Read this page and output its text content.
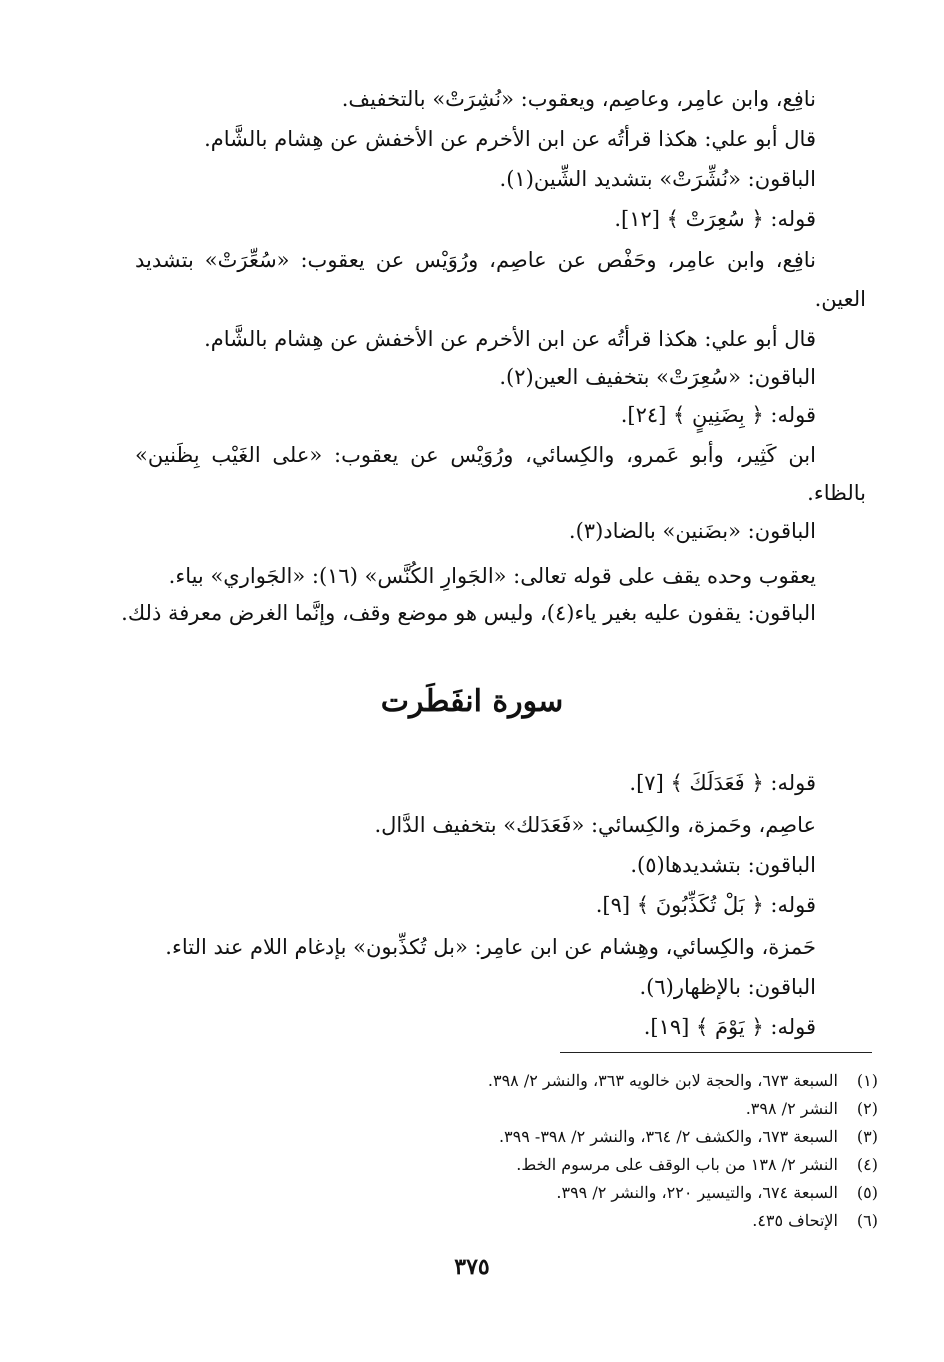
نافِع، وابن عامِر، وعاصِم، ويعقوب: «نُشِرَتْ» بالتخفيف.

قال أبو علي: هكذا قرأتُه عن ابن الأخرم عن الأخفش عن هِشام بالشَّام.

الباقون: «نُشِّرَتْ» بتشديد الشِّين(١).

قوله: ﴿ سُعِرَتْ ﴾ [١٢].

نافِع، وابن عامِر، وحَفْص عن عاصِم، ورُوَيْس عن يعقوب: «سُعِّرَتْ» بتشديد

العين.

قال أبو علي: هكذا قرأتُه عن ابن الأخرم عن الأخفش عن هِشام بالشَّام.

الباقون: «سُعِرَتْ» بتخفيف العين(٢).

قوله: ﴿ بِضَنِينٍ ﴾ [٢٤].

ابن كَثِير، وأبو عَمرو، والكِسائي، ورُوَيْس عن يعقوب: «على الغَيْب بِظَنين»

بالظاء.

الباقون: «بضَنين» بالضاد(٣).

يعقوب وحده يقف على قوله تعالى: «الجَوارِ الكُنَّس» (١٦): «الجَواري» بياء.

الباقون: يقفون عليه بغير ياء(٤)، وليس هو موضع وقف، وإنَّما الغرض معرفة ذلك.

سورة انفَطَرت

قوله: ﴿ فَعَدَلَكَ ﴾ [٧].

عاصِم، وحَمزة، والكِسائي: «فَعَدَلك» بتخفيف الدَّال.

الباقون: بتشديدها(٥).

قوله: ﴿ بَلْ تُكَذِّبُونَ ﴾ [٩].

حَمزة، والكِسائي، وهِشام عن ابن عامِر: «بل تُكذِّبون» بإدغام اللام عند التاء.

الباقون: بالإظهار(٦).

قوله: ﴿ يَوْمَ ﴾ [١٩].

(١)السبعة ٦٧٣، والحجة لابن خالويه ٣٦٣، والنشر ٢/ ٣٩٨.
(٢)النشر ٢/ ٣٩٨.
(٣)السبعة ٦٧٣، والكشف ٢/ ٣٦٤، والنشر ٢/ ٣٩٨- ٣٩٩.
(٤)النشر ٢/ ١٣٨ من باب الوقف على مرسوم الخط.
(٥)السبعة ٦٧٤، والتيسير ٢٢٠، والنشر ٢/ ٣٩٩.
(٦)الإتحاف ٤٣٥.
٣٧٥
